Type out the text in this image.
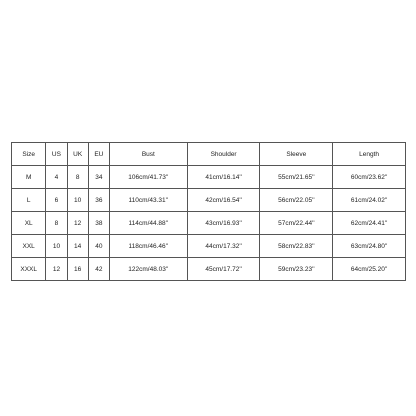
Size	US	UK	EU	Bust	Shoulder	Sleeve	Length
M	4	8	34	106cm/41.73''	41cm/16.14''	55cm/21.65''	60cm/23.62''
L	6	10	36	110cm/43.31''	42cm/16.54''	56cm/22.05''	61cm/24.02''
XL	8	12	38	114cm/44.88''	43cm/16.93''	57cm/22.44''	62cm/24.41''
XXL	10	14	40	118cm/46.46''	44cm/17.32''	58cm/22.83''	63cm/24.80''
XXXL	12	16	42	122cm/48.03''	45cm/17.72''	59cm/23.23''	64cm/25.20''
